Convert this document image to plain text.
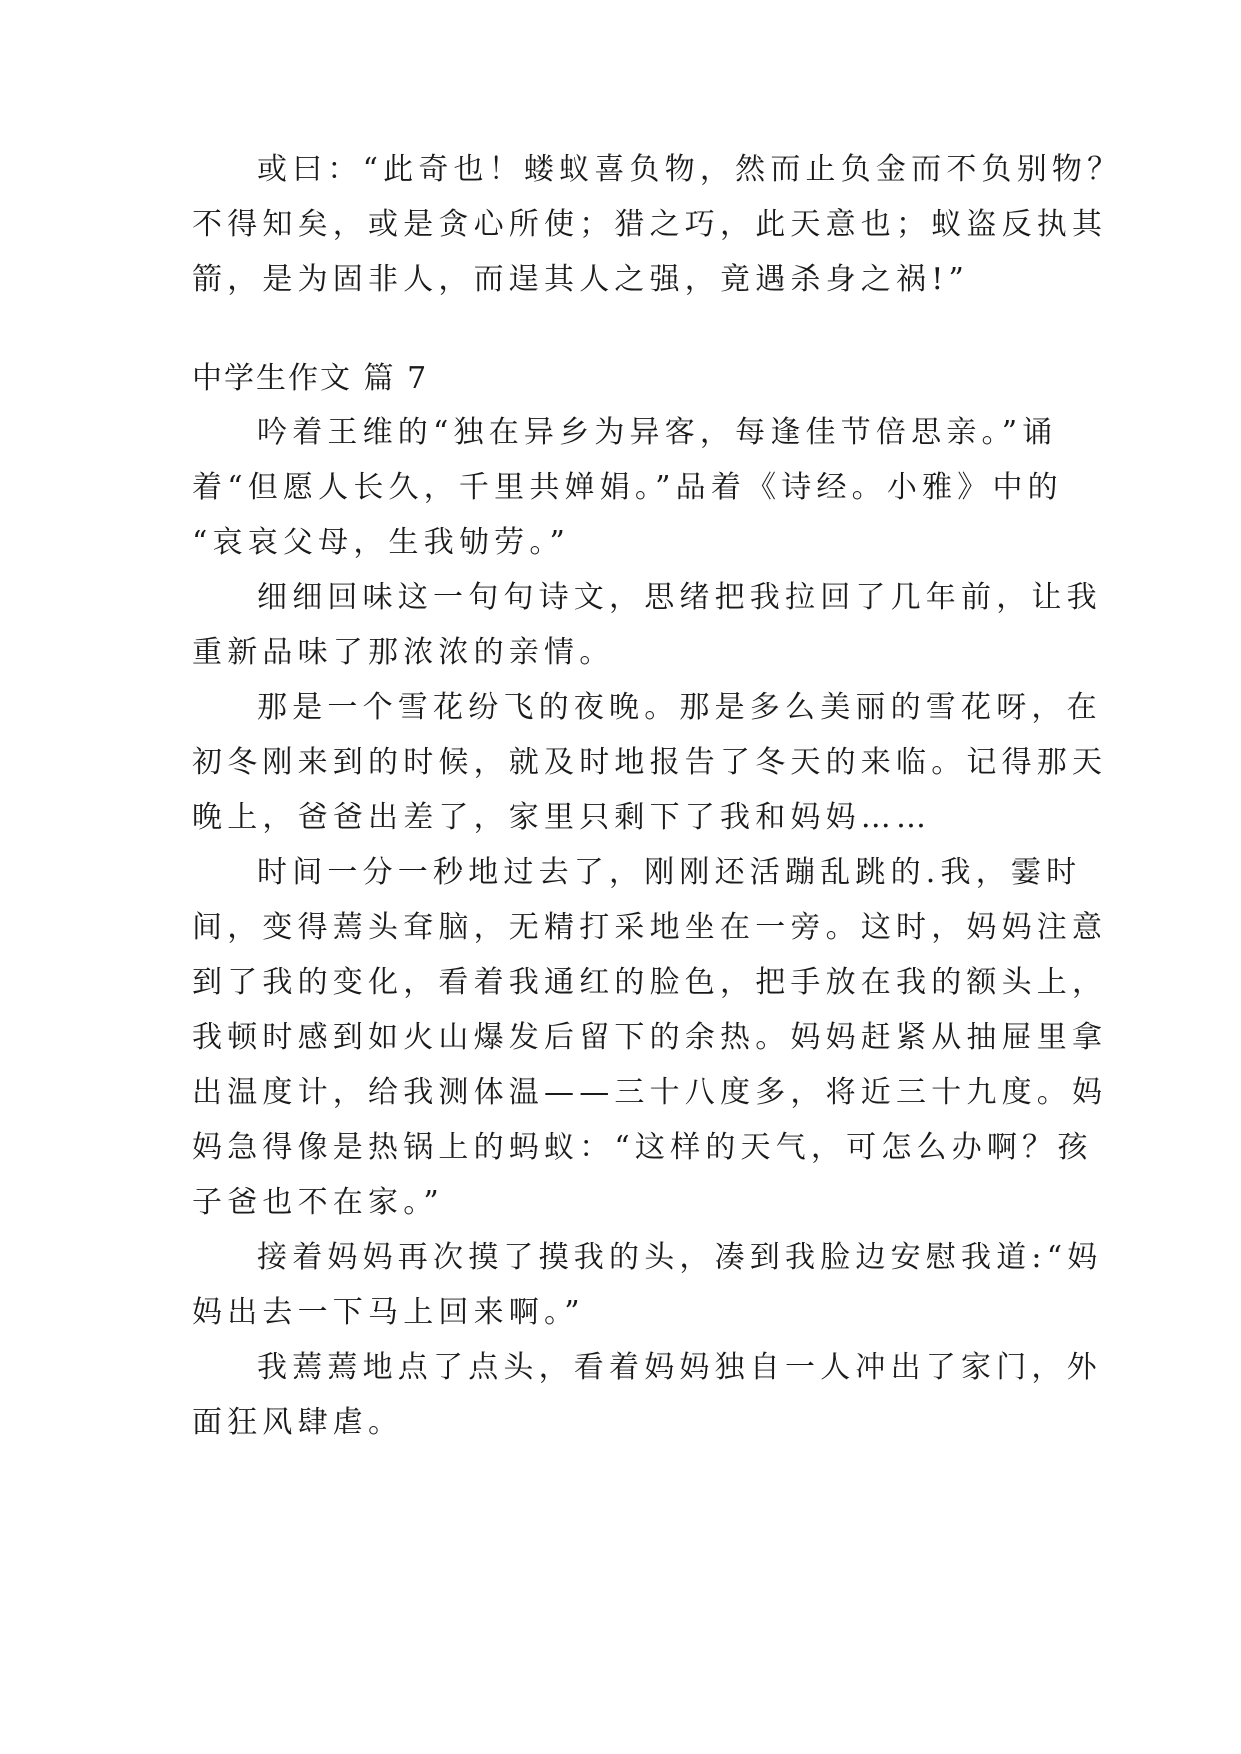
或曰：“此奇也！蝼蚁喜负物，然而止负金而不负别物？
不得知矣，或是贪心所使；猎之巧，此天意也；蚁盗反执其
箭，是为固非人，而逞其人之强，竟遇杀身之祸!”
中学生作文 篇 7
吟着王维的“独在异乡为异客，每逢佳节倍思亲。”诵
着“但愿人长久，千里共婵娟。”品着《诗经。小雅》中的
“哀哀父母，生我劬劳。”
细细回味这一句句诗文，思绪把我拉回了几年前，让我
重新品味了那浓浓的亲情。
那是一个雪花纷飞的夜晚。那是多么美丽的雪花呀，在
初冬刚来到的时候，就及时地报告了冬天的来临。记得那天
晚上，爸爸出差了，家里只剩下了我和妈妈……
时间一分一秒地过去了，刚刚还活蹦乱跳的.我，霎时
间，变得蔫头耷脑，无精打采地坐在一旁。这时，妈妈注意
到了我的变化，看着我通红的脸色，把手放在我的额头上，
我顿时感到如火山爆发后留下的余热。妈妈赶紧从抽屉里拿
出温度计，给我测体温——三十八度多，将近三十九度。妈
妈急得像是热锅上的蚂蚁：“这样的天气，可怎么办啊？孩
子爸也不在家。”
接着妈妈再次摸了摸我的头，凑到我脸边安慰我道:“妈
妈出去一下马上回来啊。”
我蔫蔫地点了点头，看着妈妈独自一人冲出了家门，外
面狂风肆虐。
